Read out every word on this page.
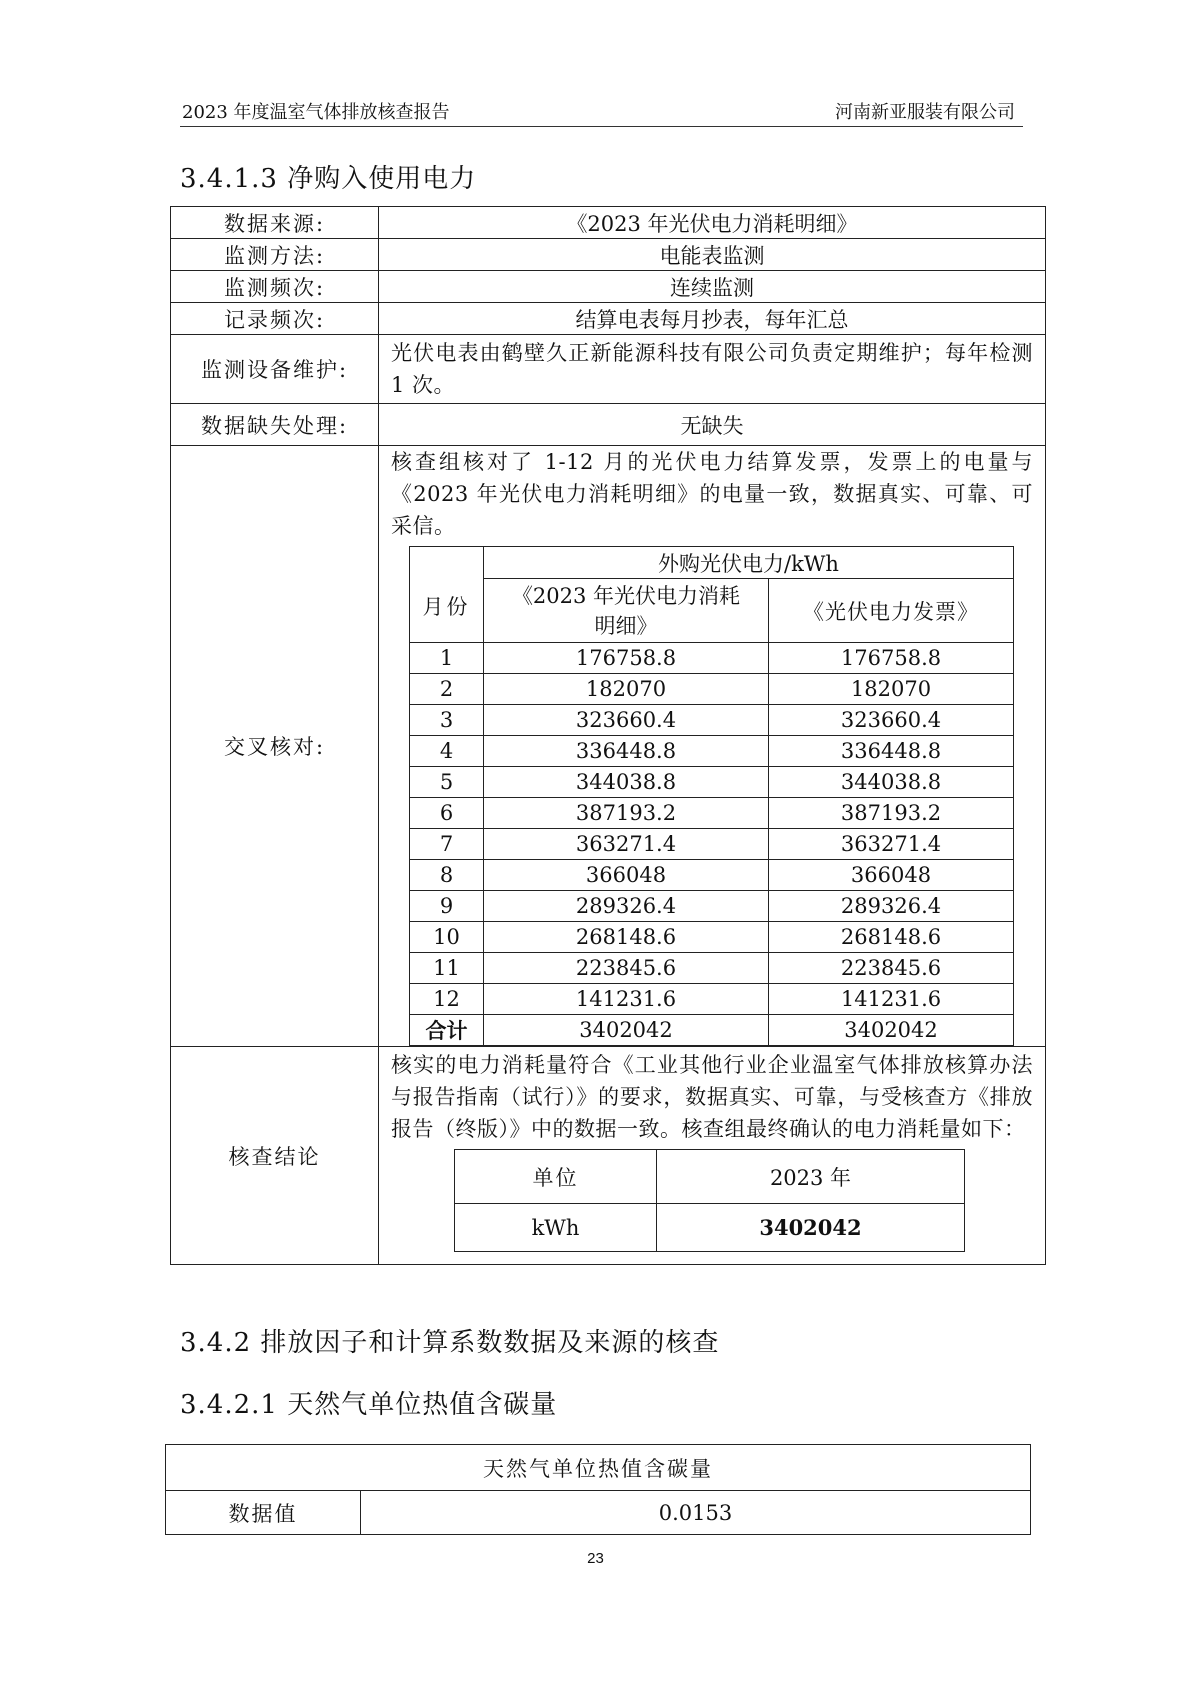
2023 年度温室气体排放核查报告	河南新亚服装有限公司
3.4.1.3 净购入使用电力
数据来源:	《2023 年光伏电力消耗明细》
监测方法:	电能表监测
监测频次:	连续监测
记录频次:	结算电表每月抄表，每年汇总
监测设备维护:	光伏电表由鹤壁久正新能源科技有限公司负责定期维护；每年检测 1 次。
数据缺失处理:	无缺失
交叉核对:	
核查组核对了 1-12 月的光伏电力结算发票，发票上的电量与《2023 年光伏电力消耗明细》的电量一致，数据真实、可靠、可采信。
月份	外购光伏电力/kWh
《2023 年光伏电力消耗明细》	《光伏电力发票》
1	176758.8	176758.8
2	182070	182070
3	323660.4	323660.4
4	336448.8	336448.8
5	344038.8	344038.8
6	387193.2	387193.2
7	363271.4	363271.4
8	366048	366048
9	289326.4	289326.4
10	268148.6	268148.6
11	223845.6	223845.6
12	141231.6	141231.6
合计	3402042	3402042

核查结论	
核实的电力消耗量符合《工业其他行业企业温室气体排放核算办法与报告指南（试行）》的要求，数据真实、可靠，与受核查方《排放报告（终版）》中的数据一致。核查组最终确认的电力消耗量如下：
单位	2023 年
kWh	3402042
3.4.2 排放因子和计算系数数据及来源的核查
3.4.2.1 天然气单位热值含碳量
天然气单位热值含碳量
数据值	0.0153
23
